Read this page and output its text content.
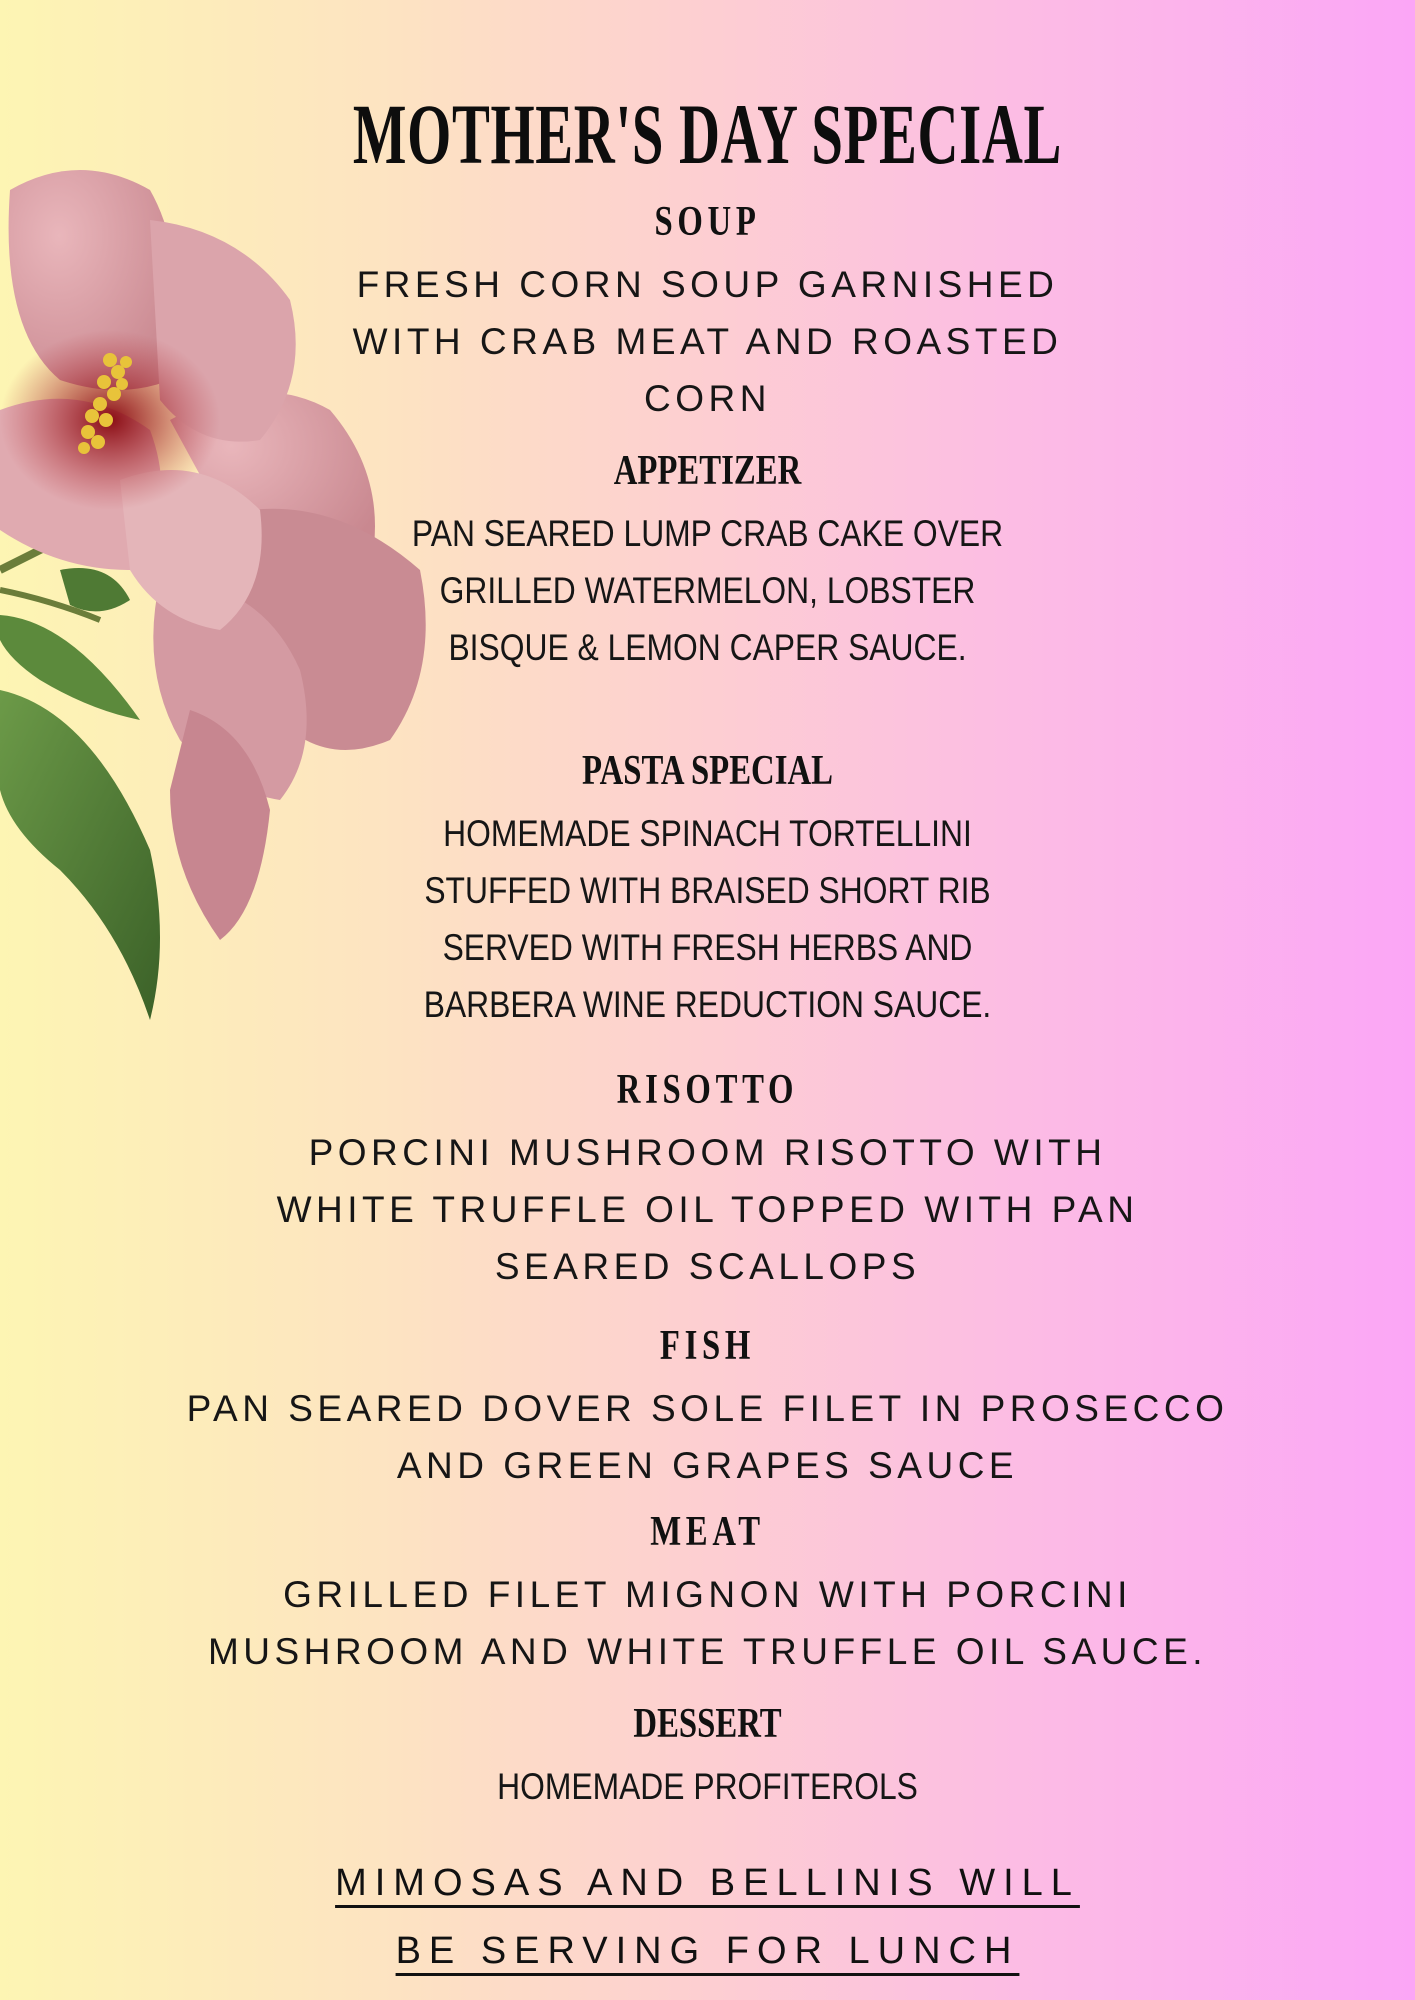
MOTHER'S DAY SPECIAL
SOUP
FRESH CORN SOUP GARNISHED
WITH CRAB MEAT AND ROASTED
CORN
APPETIZER
PAN SEARED LUMP CRAB CAKE OVER
GRILLED WATERMELON, LOBSTER
BISQUE & LEMON CAPER SAUCE.
PASTA SPECIAL
HOMEMADE SPINACH TORTELLINI
STUFFED WITH BRAISED SHORT RIB
SERVED WITH FRESH HERBS AND
BARBERA WINE REDUCTION SAUCE.
RISOTTO
PORCINI MUSHROOM RISOTTO WITH
WHITE TRUFFLE OIL TOPPED WITH PAN
SEARED SCALLOPS
FISH
PAN SEARED DOVER SOLE FILET IN PROSECCO
AND GREEN GRAPES SAUCE
MEAT
GRILLED FILET MIGNON WITH PORCINI
MUSHROOM AND WHITE TRUFFLE OIL SAUCE.
DESSERT
HOMEMADE PROFITEROLS
MIMOSAS AND BELLINIS WILL
BE SERVING FOR LUNCH
